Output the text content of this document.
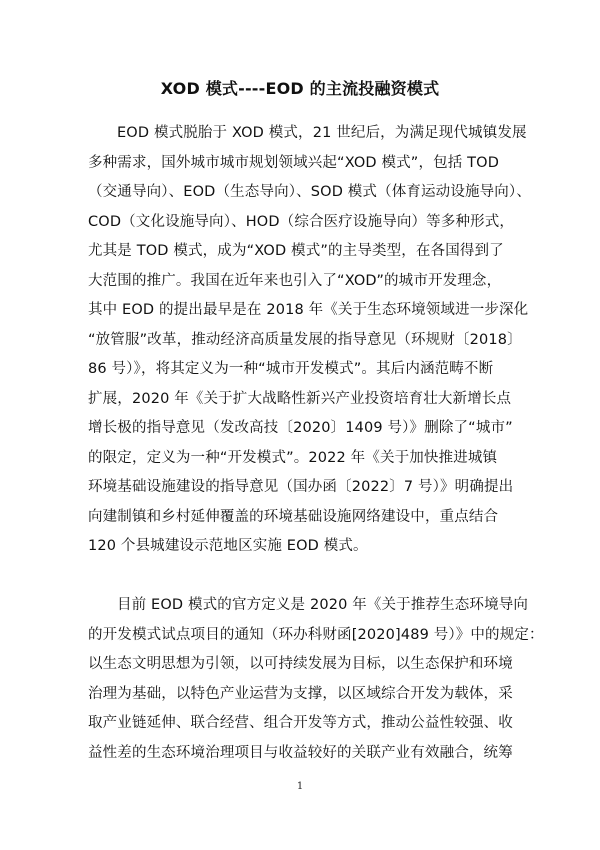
XOD 模式----EOD 的主流投融资模式
EOD 模式脱胎于 XOD 模式，21 世纪后，为满足现代城镇发展
多种需求，国外城市城市规划领域兴起“XOD 模式”，包括 TOD
（交通导向）、EOD（生态导向）、SOD 模式（体育运动设施导向）、
COD（文化设施导向）、HOD（综合医疗设施导向）等多种形式，
尤其是 TOD 模式，成为“XOD 模式”的主导类型，在各国得到了
大范围的推广。我国在近年来也引入了“XOD”的城市开发理念，
其中 EOD 的提出最早是在 2018 年《关于生态环境领域进一步深化
“放管服”改革，推动经济高质量发展的指导意见（环规财〔2018〕
86 号）》，将其定义为一种“城市开发模式”。其后内涵范畴不断
扩展，2020 年《关于扩大战略性新兴产业投资培育壮大新增长点
增长极的指导意见（发改高技〔2020〕1409 号）》删除了“城市”
的限定，定义为一种“开发模式”。2022 年《关于加快推进城镇
环境基础设施建设的指导意见（国办函〔2022〕7 号）》明确提出
向建制镇和乡村延伸覆盖的环境基础设施网络建设中，重点结合
120 个县城建设示范地区实施 EOD 模式。
目前 EOD 模式的官方定义是 2020 年《关于推荐生态环境导向
的开发模式试点项目的通知（环办科财函[2020]489 号）》中的规定：
以生态文明思想为引领，以可持续发展为目标，以生态保护和环境
治理为基础，以特色产业运营为支撑，以区域综合开发为载体，采
取产业链延伸、联合经营、组合开发等方式，推动公益性较强、收
益性差的生态环境治理项目与收益较好的关联产业有效融合，统筹
1
